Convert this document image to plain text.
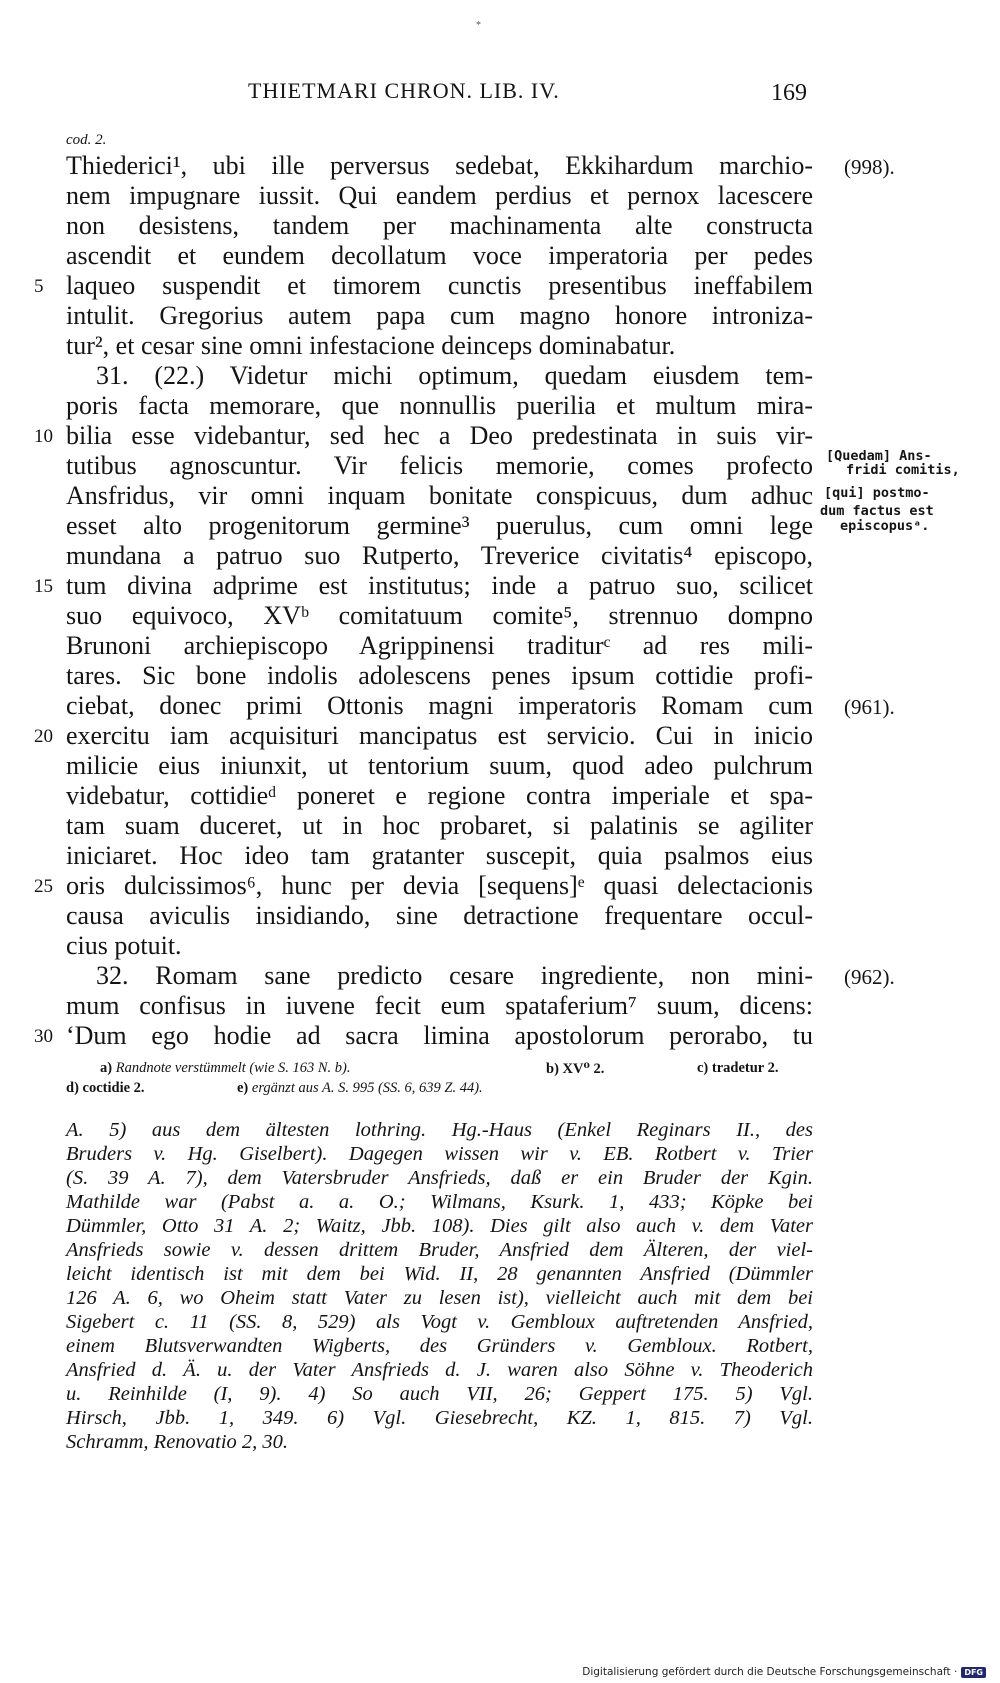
*
THIETMARI CHRON. LIB. IV.	169
cod. 2.
Thiederici¹, ubi ille perversus sedebat, Ekkihardum marchio-
nem impugnare iussit. Qui eandem perdius et pernox lacescere
non desistens, tandem per machinamenta alte constructa
ascendit et eundem decollatum voce imperatoria per pedes
laqueo suspendit et timorem cunctis presentibus ineffabilem
intulit. Gregorius autem papa cum magno honore introniza-
tur², et cesar sine omni infestacione deinceps dominabatur.
31. (22.) Videtur michi optimum, quedam eiusdem tem-
poris facta memorare, que nonnullis puerilia et multum mira-
bilia esse videbantur, sed hec a Deo predestinata in suis vir-
tutibus agnoscuntur. Vir felicis memorie, comes profecto
Ansfridus, vir omni inquam bonitate conspicuus, dum adhuc
esset alto progenitorum germine³ puerulus, cum omni lege
mundana a patruo suo Rutperto, Treverice civitatis⁴ episcopo,
tum divina adprime est institutus; inde a patruo suo, scilicet
suo equivoco, XVᵇ comitatuum comite⁵, strennuo dompno
Brunoni archiepiscopo Agrippinensi traditurᶜ ad res mili-
tares. Sic bone indolis adolescens penes ipsum cottidie profi-
ciebat, donec primi Ottonis magni imperatoris Romam cum
exercitu iam acquisituri mancipatus est servicio. Cui in inicio
milicie eius iniunxit, ut tentorium suum, quod adeo pulchrum
videbatur, cottidieᵈ poneret e regione contra imperiale et spa-
tam suam duceret, ut in hoc probaret, si palatinis se agiliter
iniciaret. Hoc ideo tam gratanter suscepit, quia psalmos eius
oris dulcissimos⁶, hunc per devia [sequens]ᵉ quasi delectacionis
causa aviculis insidiando, sine detractione frequentare occul-
cius potuit.
32. Romam sane predicto cesare ingrediente, non mini-
mum confisus in iuvene fecit eum spataferium⁷ suum, dicens:
‘Dum ego hodie ad sacra limina apostolorum perorabo, tu
5
10
15
20
25
30
(998).
(961).
(962).
[Quedam] Ans-
fridi comitis,
[qui] postmo-
dum factus est
episcopusᵃ.
a) Randnote verstümmelt (wie S. 163 N. b).	b) XV⁰ 2.	c) tradetur 2.
d) coctidie 2.	e) ergänzt aus A. S. 995 (SS. 6, 639 Z. 44).
A. 5) aus dem ältesten lothring. Hg.-Haus (Enkel Reginars II., des
Bruders v. Hg. Giselbert). Dagegen wissen wir v. EB. Rotbert v. Trier
(S. 39 A. 7), dem Vatersbruder Ansfrieds, daß er ein Bruder der Kgin.
Mathilde war (Pabst a. a. O.; Wilmans, Ksurk. 1, 433; Köpke bei
Dümmler, Otto 31 A. 2; Waitz, Jbb. 108). Dies gilt also auch v. dem Vater
Ansfrieds sowie v. dessen drittem Bruder, Ansfried dem Älteren, der viel-
leicht identisch ist mit dem bei Wid. II, 28 genannten Ansfried (Dümmler
126 A. 6, wo Oheim statt Vater zu lesen ist), vielleicht auch mit dem bei
Sigebert c. 11 (SS. 8, 529) als Vogt v. Gembloux auftretenden Ansfried,
einem Blutsverwandten Wigberts, des Gründers v. Gembloux. Rotbert,
Ansfried d. Ä. u. der Vater Ansfrieds d. J. waren also Söhne v. Theoderich
u. Reinhilde (I, 9). 4) So auch VII, 26; Geppert 175. 5) Vgl.
Hirsch, Jbb. 1, 349. 6) Vgl. Giesebrecht, KZ. 1, 815. 7) Vgl.
Schramm, Renovatio 2, 30.
Digitalisierung gefördert durch die Deutsche Forschungsgemeinschaft · DFG
